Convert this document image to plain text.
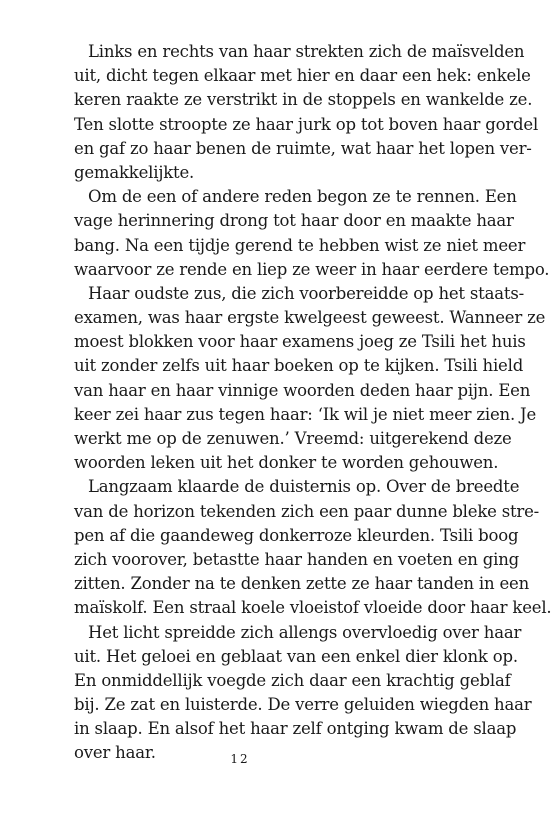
Links en rechts van haar strekten zich de maïsvelden
uit, dicht tegen elkaar met hier en daar een hek: enkele
keren raakte ze verstrikt in de stoppels en wankelde ze.
Ten slotte stroopte ze haar jurk op tot boven haar gordel
en gaf zo haar benen de ruimte, wat haar het lopen ver-
gemakkelijkte.
Om de een of andere reden begon ze te rennen. Een
vage herinnering drong tot haar door en maakte haar
bang. Na een tijdje gerend te hebben wist ze niet meer
waarvoor ze rende en liep ze weer in haar eerdere tempo.
Haar oudste zus, die zich voorbereidde op het staats-
examen, was haar ergste kwelgeest geweest. Wanneer ze
moest blokken voor haar examens joeg ze Tsili het huis
uit zonder zelfs uit haar boeken op te kijken. Tsili hield
van haar en haar vinnige woorden deden haar pijn. Een
keer zei haar zus tegen haar: ‘Ik wil je niet meer zien. Je
werkt me op de zenuwen.’ Vreemd: uitgerekend deze
woorden leken uit het donker te worden gehouwen.
Langzaam klaarde de duisternis op. Over de breedte
van de horizon tekenden zich een paar dunne bleke stre-
pen af die gaandeweg donkerroze kleurden. Tsili boog
zich voorover, betastte haar handen en voeten en ging
zitten. Zonder na te denken zette ze haar tanden in een
maïskolf. Een straal koele vloeistof vloeide door haar keel.
Het licht spreidde zich allengs overvloedig over haar
uit. Het geloei en geblaat van een enkel dier klonk op.
En onmiddellijk voegde zich daar een krachtig geblaf
bij. Ze zat en luisterde. De verre geluiden wiegden haar
in slaap. En alsof het haar zelf ontging kwam de slaap
over haar.	12
